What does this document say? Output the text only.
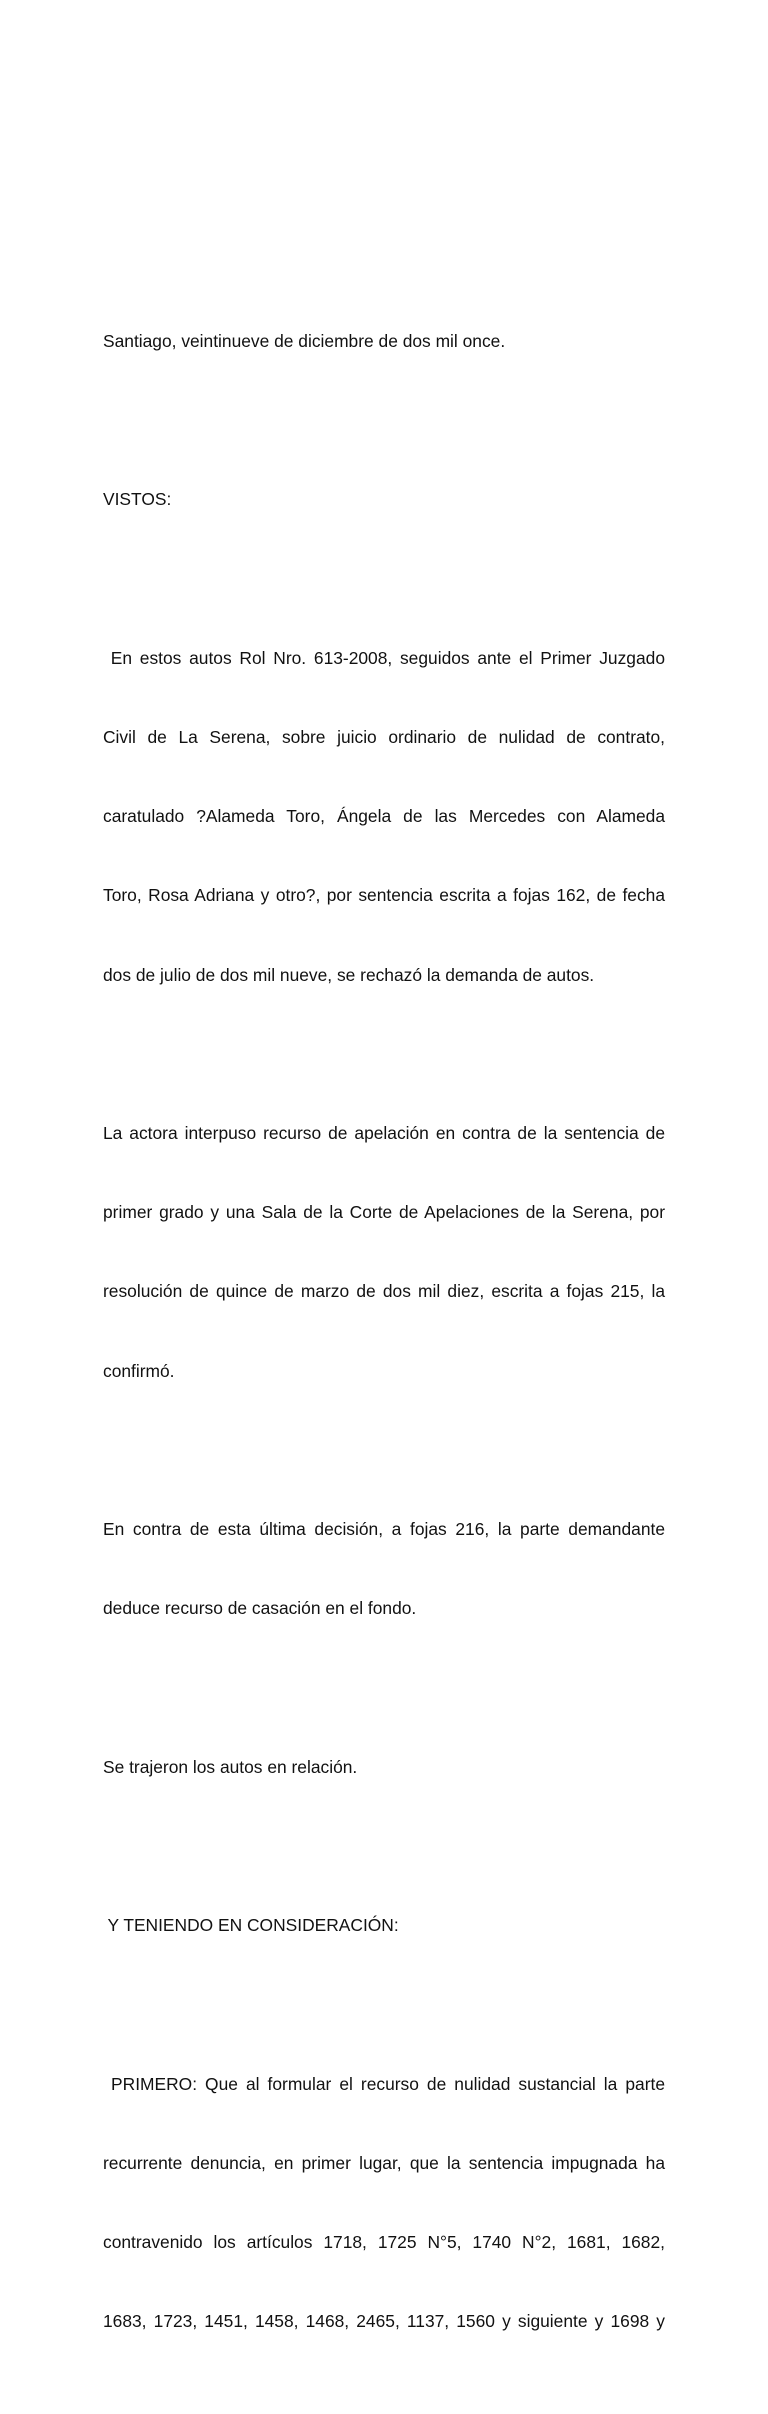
Santiago, veintinueve de diciembre de dos mil once.

VISTOS:

En estos autos Rol Nro. 613-2008, seguidos ante el Primer Juzgado

Civil de La Serena, sobre juicio ordinario de nulidad de contrato,

caratulado ?Alameda Toro, Ángela de las Mercedes con Alameda

Toro, Rosa Adriana y otro?, por sentencia escrita a fojas 162, de fecha

dos de julio de dos mil nueve, se rechazó la demanda de autos.

La actora interpuso recurso de apelación en contra de la sentencia de

primer grado y una Sala de la Corte de Apelaciones de la Serena, por

resolución de quince de marzo de dos mil diez, escrita a fojas 215, la

confirmó.

En contra de esta última decisión, a fojas 216, la parte demandante

deduce recurso de casación en el fondo.

Se trajeron los autos en relación.

Y TENIENDO EN CONSIDERACIÓN:

PRIMERO: Que al formular el recurso de nulidad sustancial la parte

recurrente denuncia, en primer lugar, que la sentencia impugnada ha

contravenido los artículos 1718, 1725 N°5, 1740 N°2, 1681, 1682,

1683, 1723, 1451, 1458, 1468, 2465, 1137, 1560 y siguiente y 1698 y
